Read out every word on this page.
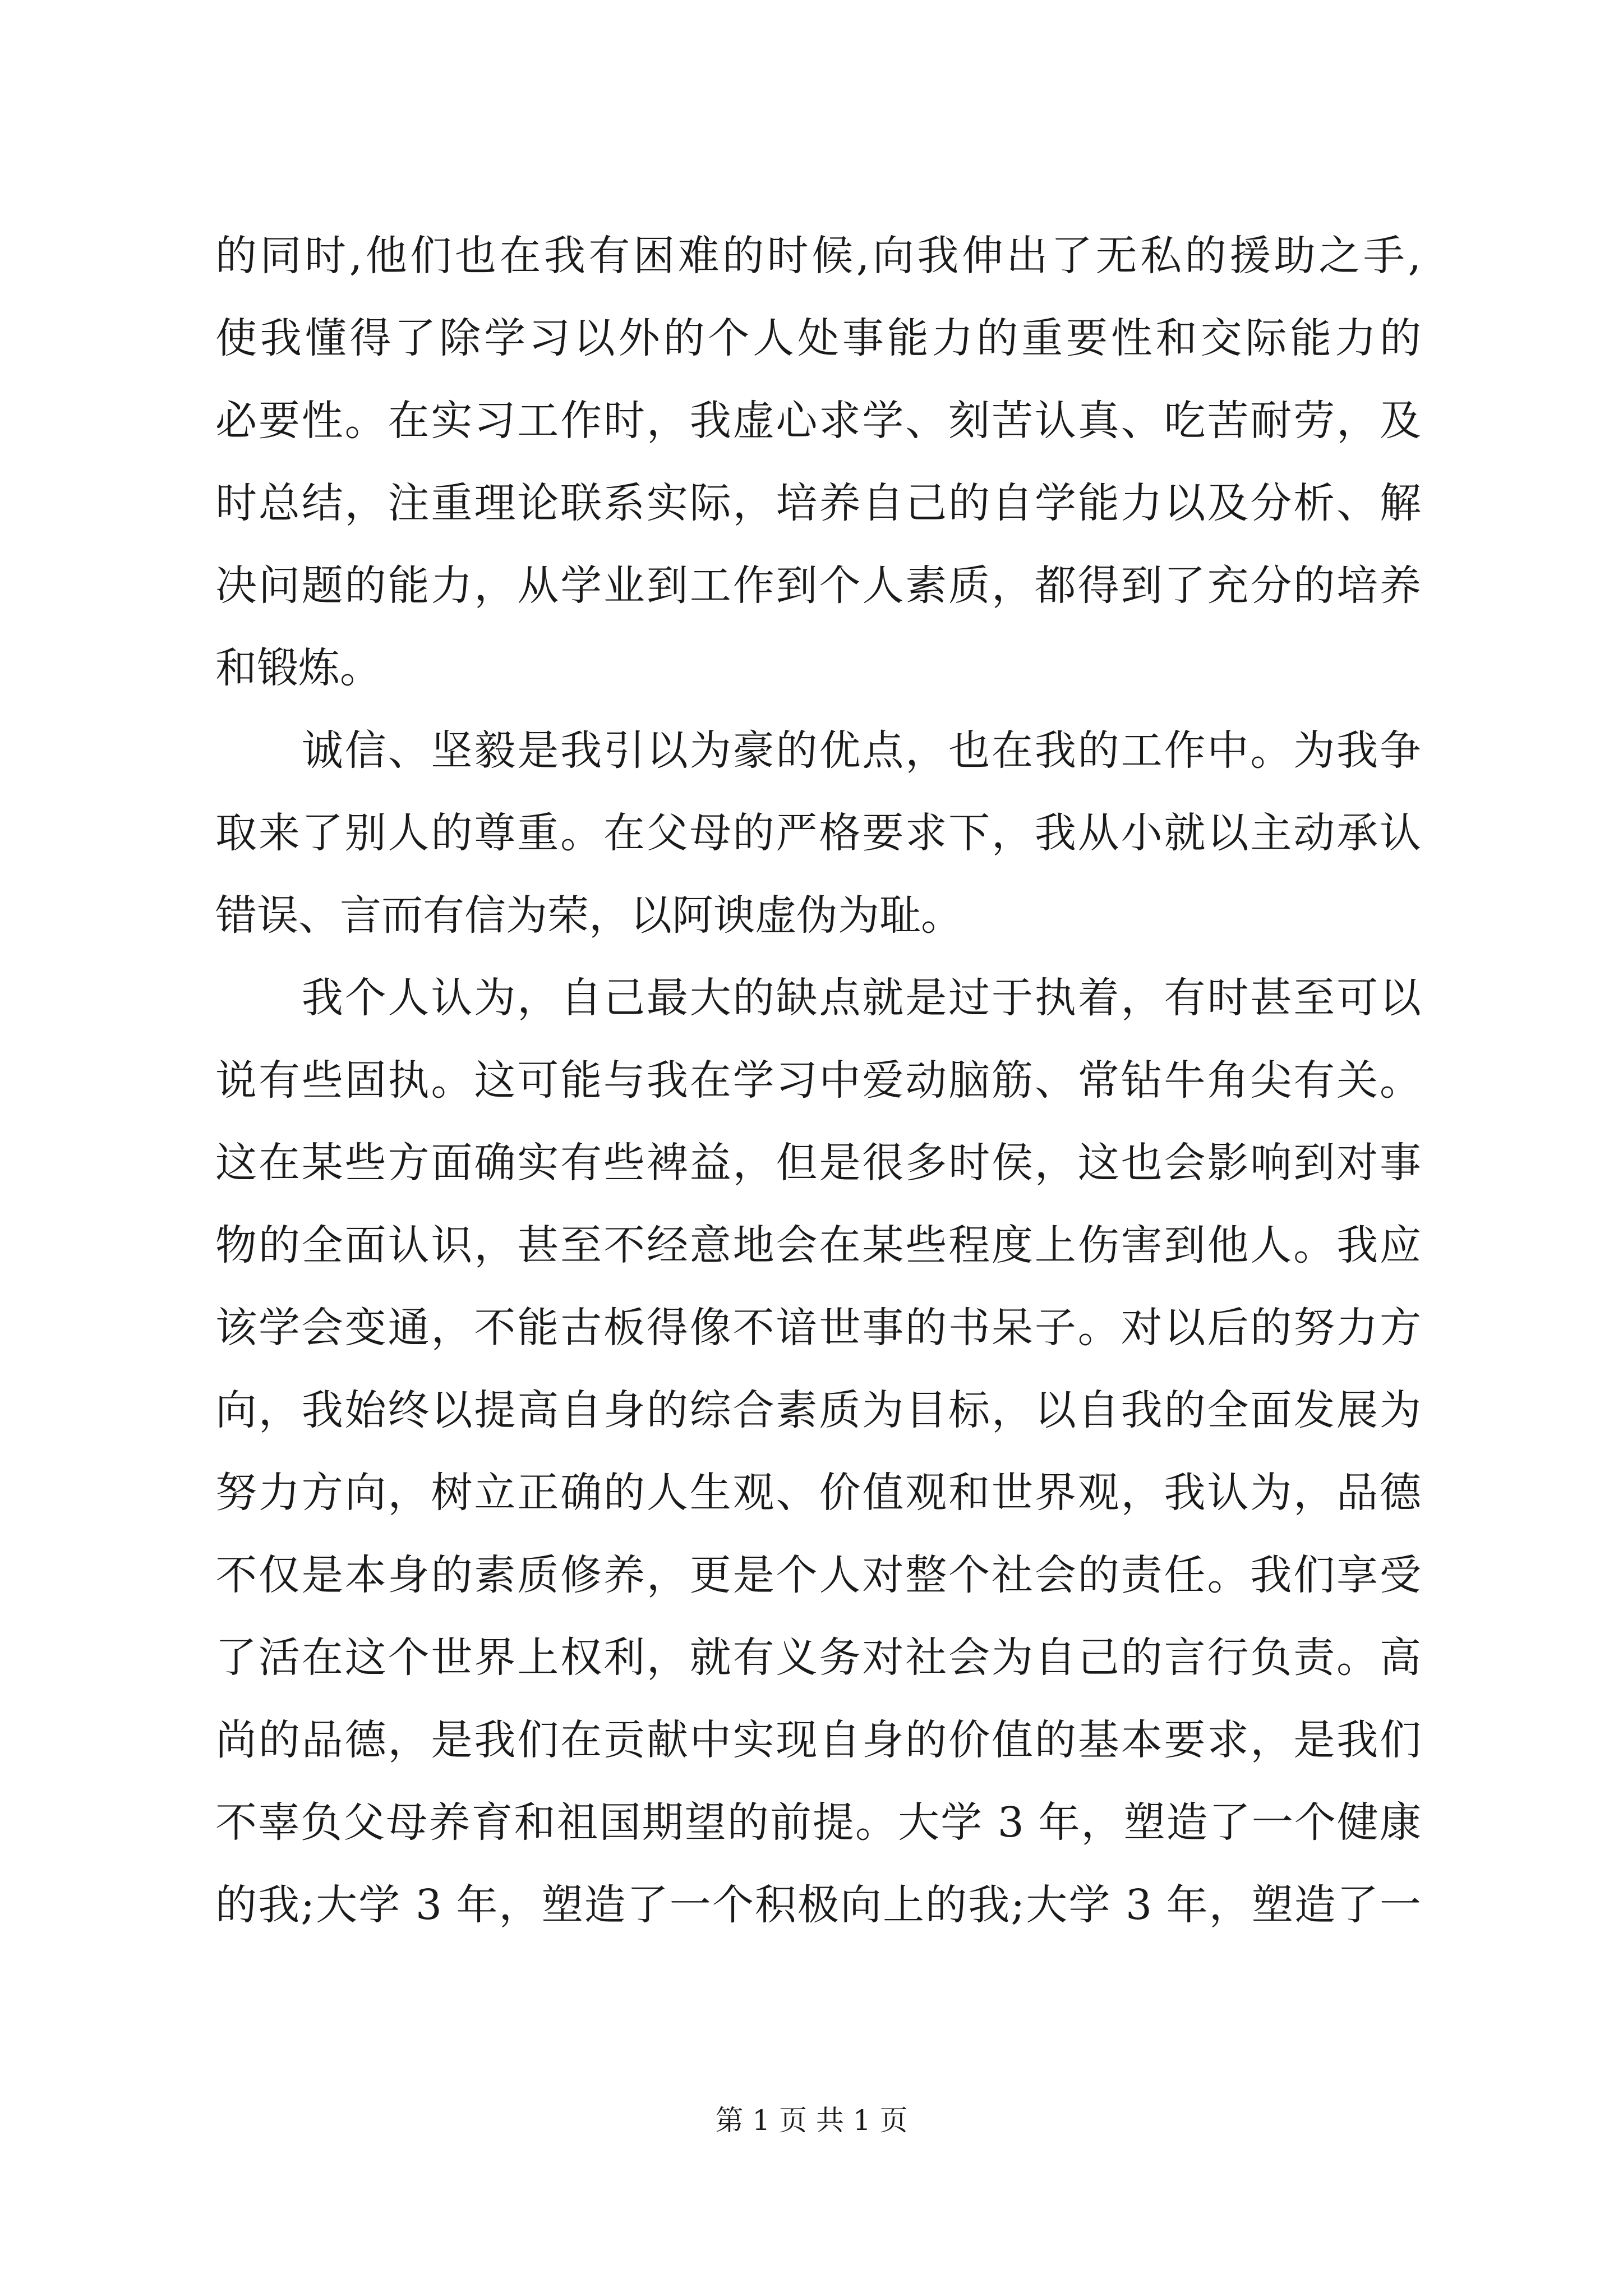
的同时,他们也在我有困难的时候,向我伸出了无私的援助之手,
使我懂得了除学习以外的个人处事能力的重要性和交际能力的
必要性。在实习工作时，我虚心求学、刻苦认真、吃苦耐劳，及
时总结，注重理论联系实际，培养自己的自学能力以及分析、解
决问题的能力，从学业到工作到个人素质，都得到了充分的培养
和锻炼。
　　诚信、坚毅是我引以为豪的优点，也在我的工作中。为我争
取来了别人的尊重。在父母的严格要求下，我从小就以主动承认
错误、言而有信为荣，以阿谀虚伪为耻。
　　我个人认为，自己最大的缺点就是过于执着，有时甚至可以
说有些固执。这可能与我在学习中爱动脑筋、常钻牛角尖有关。
这在某些方面确实有些裨益，但是很多时侯，这也会影响到对事
物的全面认识，甚至不经意地会在某些程度上伤害到他人。我应
该学会变通，不能古板得像不谙世事的书呆子。对以后的努力方
向，我始终以提高自身的综合素质为目标，以自我的全面发展为
努力方向，树立正确的人生观、价值观和世界观，我认为，品德
不仅是本身的素质修养，更是个人对整个社会的责任。我们享受
了活在这个世界上权利，就有义务对社会为自己的言行负责。高
尚的品德，是我们在贡献中实现自身的价值的基本要求，是我们
不辜负父母养育和祖国期望的前提。大学 3 年，塑造了一个健康
的我;大学 3 年，塑造了一个积极向上的我;大学 3 年，塑造了一
第 1 页 共 1 页
